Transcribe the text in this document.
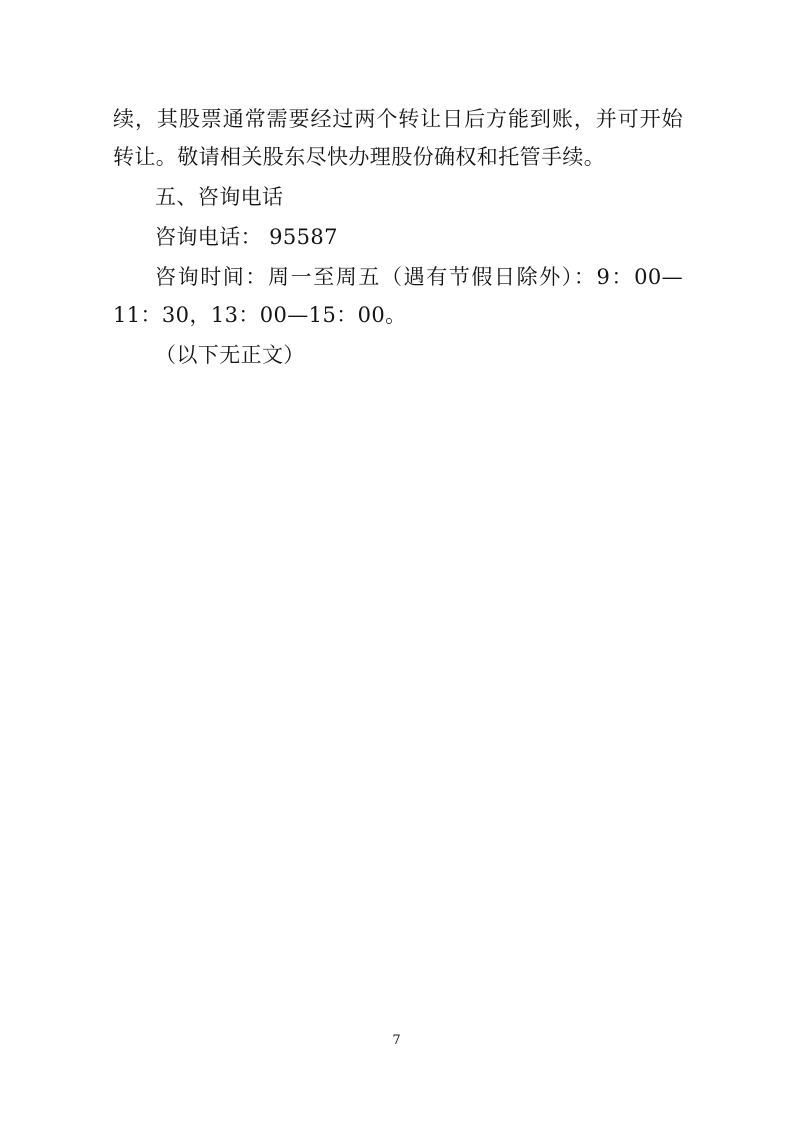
续，其股票通常需要经过两个转让日后方能到账，并可开始转让。敬请相关股东尽快办理股份确权和托管手续。

五、咨询电话

咨询电话： 95587

咨询时间：周一至周五（遇有节假日除外）：9：00—11：30，13：00—15：00。

（以下无正文）

7
